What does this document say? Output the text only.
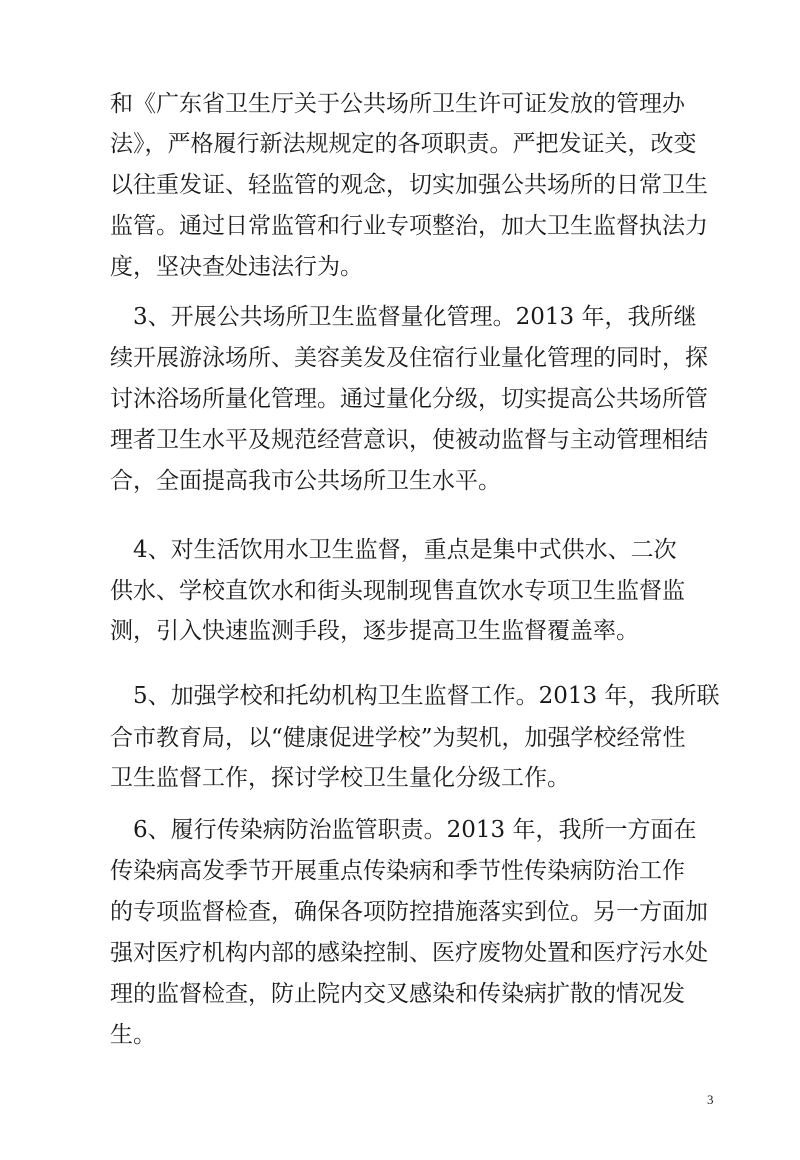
和《广东省卫生厅关于公共场所卫生许可证发放的管理办
法》，严格履行新法规规定的各项职责。严把发证关，改变
以往重发证、轻监管的观念，切实加强公共场所的日常卫生
监管。通过日常监管和行业专项整治，加大卫生监督执法力
度，坚决查处违法行为。
　3、开展公共场所卫生监督量化管理。2013 年，我所继
续开展游泳场所、美容美发及住宿行业量化管理的同时，探
讨沐浴场所量化管理。通过量化分级，切实提高公共场所管
理者卫生水平及规范经营意识，使被动监督与主动管理相结
合，全面提高我市公共场所卫生水平。
　4、对生活饮用水卫生监督，重点是集中式供水、二次
供水、学校直饮水和街头现制现售直饮水专项卫生监督监
测，引入快速监测手段，逐步提高卫生监督覆盖率。
　5、加强学校和托幼机构卫生监督工作。2013 年，我所联
合市教育局，以“健康促进学校”为契机，加强学校经常性
卫生监督工作，探讨学校卫生量化分级工作。
　6、履行传染病防治监管职责。2013 年，我所一方面在
传染病高发季节开展重点传染病和季节性传染病防治工作
的专项监督检查，确保各项防控措施落实到位。另一方面加
强对医疗机构内部的感染控制、医疗废物处置和医疗污水处
理的监督检查，防止院内交叉感染和传染病扩散的情况发
生。
3
